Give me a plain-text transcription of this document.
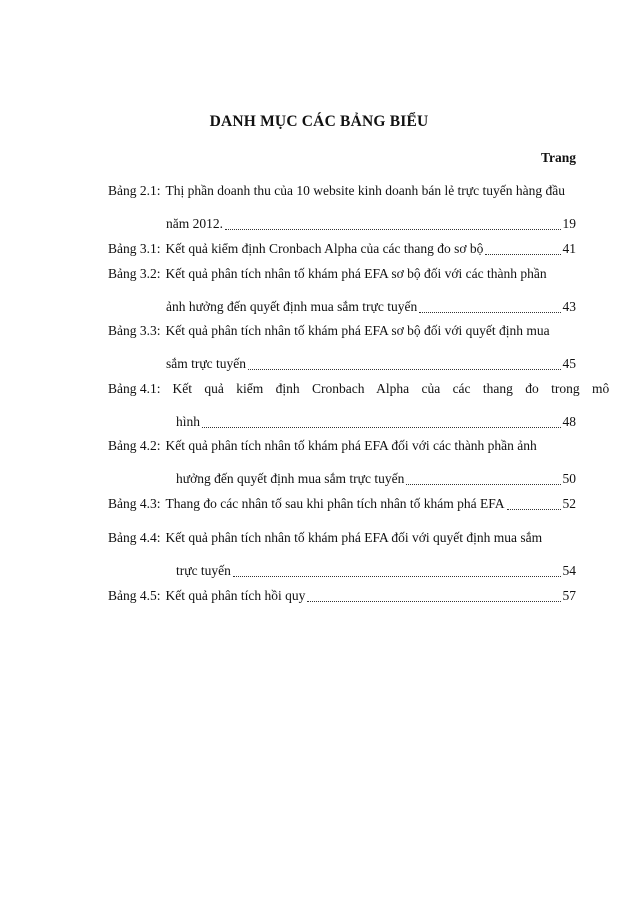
DANH MỤC CÁC BẢNG BIỂU
Trang
Bảng 2.1: Thị phần doanh thu của 10 website kinh doanh bán lẻ trực tuyến hàng đầu
năm 2012.	19
Bảng 3.1: Kết quả kiểm định Cronbach Alpha của các thang đo sơ bộ	41
Bảng 3.2: Kết quả phân tích nhân tố khám phá EFA sơ bộ đối với các thành phần
ảnh hưởng đến quyết định mua sắm trực tuyến	43
Bảng 3.3: Kết quả phân tích nhân tố khám phá EFA sơ bộ đối với quyết định mua
sắm trực tuyến	45
Bảng 4.1: Kết quả kiểm định Cronbach Alpha của các thang đo trong mô
hình	48
Bảng 4.2: Kết quả phân tích nhân tố khám phá EFA đối với các thành phần ảnh
hưởng đến quyết định mua sắm trực tuyến	50
Bảng 4.3: Thang đo các nhân tố sau khi phân tích nhân tố khám phá EFA	52
Bảng 4.4: Kết quả phân tích nhân tố khám phá EFA đối với quyết định mua sắm
trực tuyến	54
Bảng 4.5: Kết quả phân tích hồi quy	57
